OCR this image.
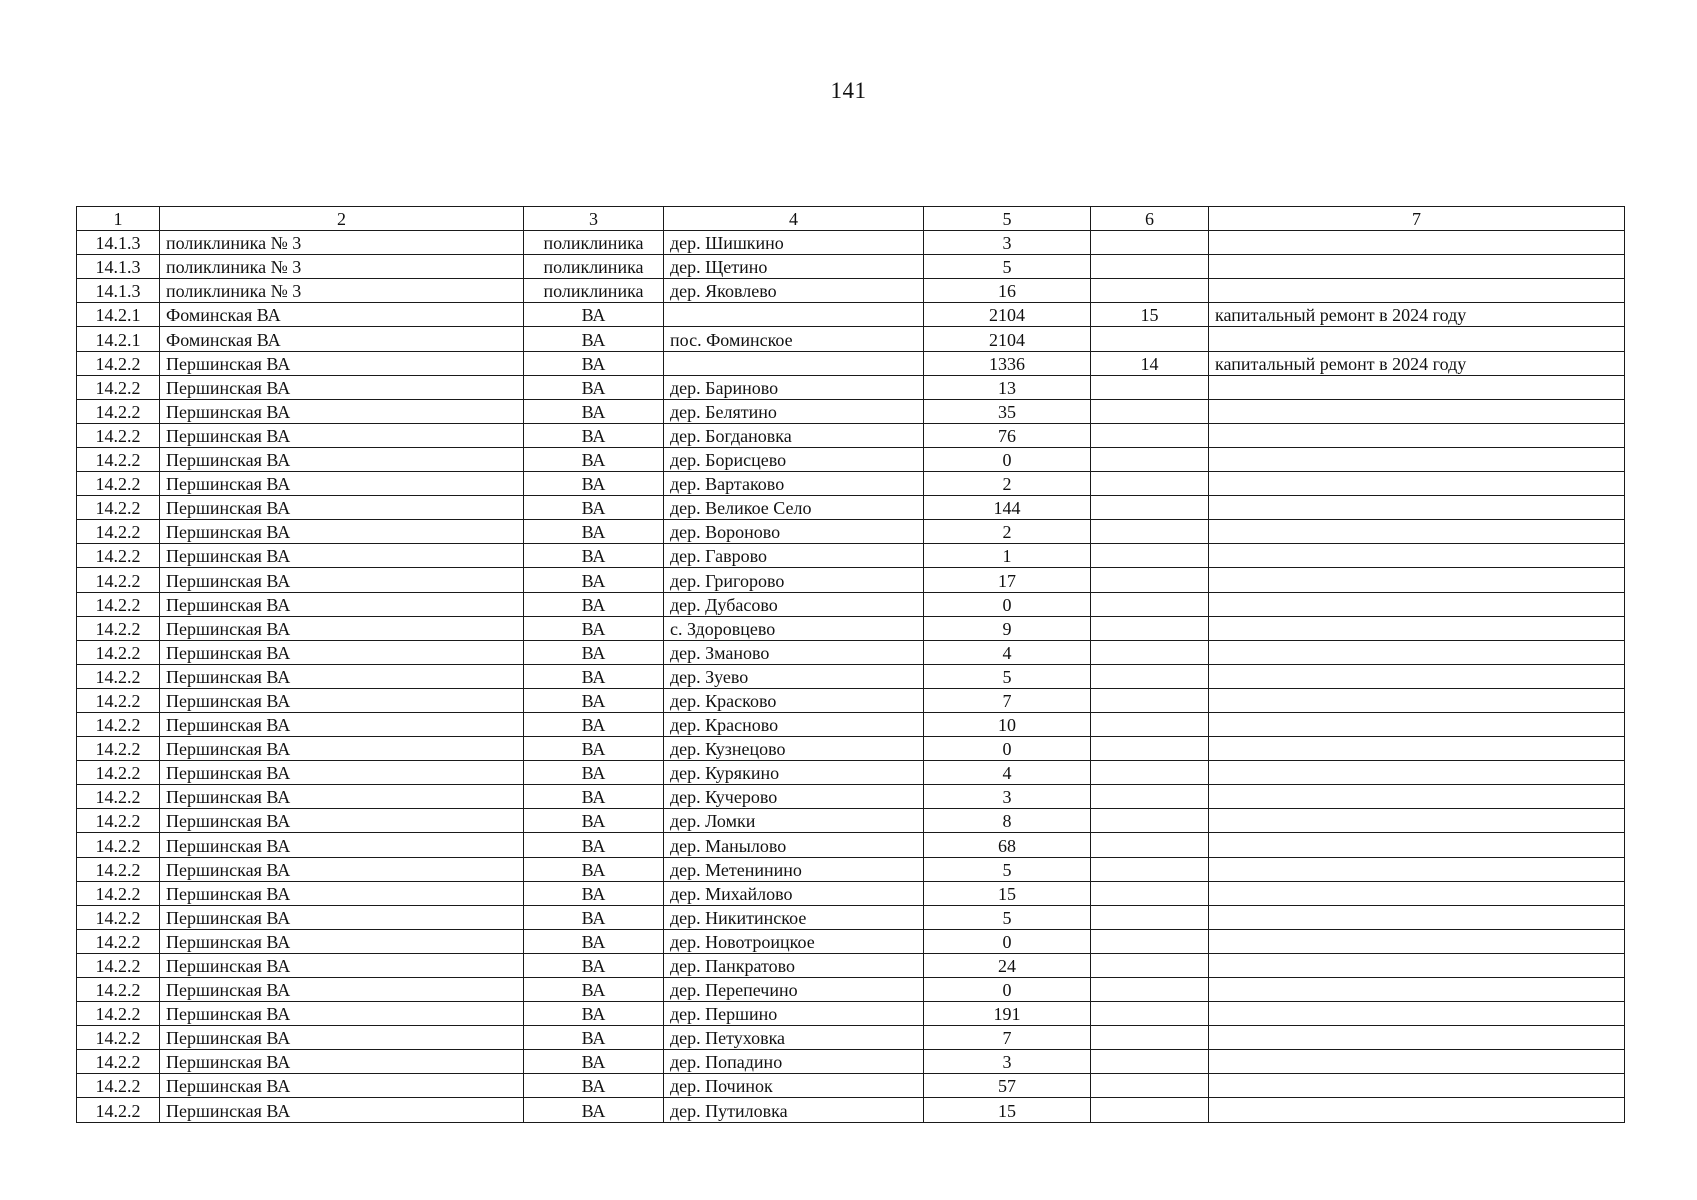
141
1	2	3	4	5	6	7
14.1.3	поликлиника № 3	поликлиника	дер. Шишкино	3		
14.1.3	поликлиника № 3	поликлиника	дер. Щетино	5		
14.1.3	поликлиника № 3	поликлиника	дер. Яковлево	16		
14.2.1	Фоминская ВА	ВА		2104	15	капитальный ремонт в 2024 году
14.2.1	Фоминская ВА	ВА	пос. Фоминское	2104		
14.2.2	Першинская ВА	ВА		1336	14	капитальный ремонт в 2024 году
14.2.2	Першинская ВА	ВА	дер. Бариново	13		
14.2.2	Першинская ВА	ВА	дер. Белятино	35		
14.2.2	Першинская ВА	ВА	дер. Богдановка	76		
14.2.2	Першинская ВА	ВА	дер. Борисцево	0		
14.2.2	Першинская ВА	ВА	дер. Вартаково	2		
14.2.2	Першинская ВА	ВА	дер. Великое Село	144		
14.2.2	Першинская ВА	ВА	дер. Вороново	2		
14.2.2	Першинская ВА	ВА	дер. Гаврово	1		
14.2.2	Першинская ВА	ВА	дер. Григорово	17		
14.2.2	Першинская ВА	ВА	дер. Дубасово	0		
14.2.2	Першинская ВА	ВА	с. Здоровцево	9		
14.2.2	Першинская ВА	ВА	дер. Зманово	4		
14.2.2	Першинская ВА	ВА	дер. Зуево	5		
14.2.2	Першинская ВА	ВА	дер. Красково	7		
14.2.2	Першинская ВА	ВА	дер. Красново	10		
14.2.2	Першинская ВА	ВА	дер. Кузнецово	0		
14.2.2	Першинская ВА	ВА	дер. Курякино	4		
14.2.2	Першинская ВА	ВА	дер. Кучерово	3		
14.2.2	Першинская ВА	ВА	дер. Ломки	8		
14.2.2	Першинская ВА	ВА	дер. Манылово	68		
14.2.2	Першинская ВА	ВА	дер. Метенинино	5		
14.2.2	Першинская ВА	ВА	дер. Михайлово	15		
14.2.2	Першинская ВА	ВА	дер. Никитинское	5		
14.2.2	Першинская ВА	ВА	дер. Новотроицкое	0		
14.2.2	Першинская ВА	ВА	дер. Панкратово	24		
14.2.2	Першинская ВА	ВА	дер. Перепечино	0		
14.2.2	Першинская ВА	ВА	дер. Першино	191		
14.2.2	Першинская ВА	ВА	дер. Петуховка	7		
14.2.2	Першинская ВА	ВА	дер. Попадино	3		
14.2.2	Першинская ВА	ВА	дер. Починок	57		
14.2.2	Першинская ВА	ВА	дер. Путиловка	15		
